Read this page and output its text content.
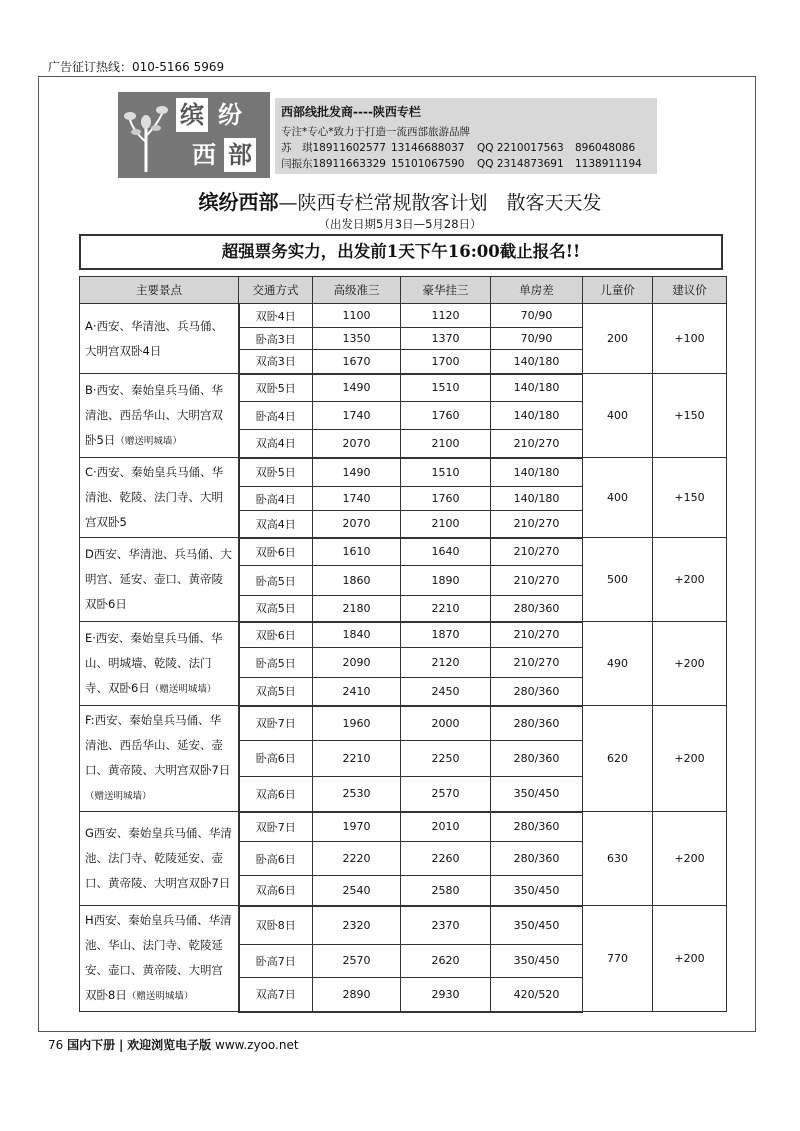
广告征订热线：010-5166 5969
缤 纷
西 部
西部线批发商----陕西专栏
专注*专心*致力于打造一流西部旅游品牌
苏　琪18911602577 13146688037 QQ 2210017563 896048086
闫振东18911663329 15101067590 QQ 2314873691 1138911194
缤纷西部—陕西专栏常规散客计划　散客天天发
（出发日期5月3日—5月28日）
超强票务实力，出发前1天下午16:00截止报名!!
主要景点	交通方式	高级准三	豪华挂三	单房差	儿童价	建议价
A·西安、华清池、兵马俑、大明宫双卧4日	双卧4日	1100	1120	70/90	200	+100
	卧高3日	1350	1370	70/90		
	双高3日	1670	1700	140/180		
B·西安、秦始皇兵马俑、华清池、西岳华山、大明宫双卧5日（赠送明城墙）	双卧5日	1490	1510	140/180	400	+150
	卧高4日	1740	1760	140/180		
	双高4日	2070	2100	210/270		
C·西安、秦始皇兵马俑、华清池、乾陵、法门寺、大明宫双卧5	双卧5日	1490	1510	140/180	400	+150
	卧高4日	1740	1760	140/180		
	双高4日	2070	2100	210/270		
D西安、华清池、兵马俑、大明宫、延安、壶口、黄帝陵双卧6日	双卧6日	1610	1640	210/270	500	+200
	卧高5日	1860	1890	210/270		
	双高5日	2180	2210	280/360		
E·西安、秦始皇兵马俑、华山、明城墙、乾陵、法门寺、双卧6日（赠送明城墙）	双卧6日	1840	1870	210/270	490	+200
	卧高5日	2090	2120	210/270		
	双高5日	2410	2450	280/360		
F:西安、秦始皇兵马俑、华清池、西岳华山、延安、壶口、黄帝陵、大明宫双卧7日（赠送明城墙）	双卧7日	1960	2000	280/360	620	+200
	卧高6日	2210	2250	280/360		
	双高6日	2530	2570	350/450		
G西安、秦始皇兵马俑、华清池、法门寺、乾陵延安、壶口、黄帝陵、大明宫双卧7日	双卧7日	1970	2010	280/360	630	+200
	卧高6日	2220	2260	280/360		
	双高6日	2540	2580	350/450		
H西安、秦始皇兵马俑、华清池、华山、法门寺、乾陵延安、壶口、黄帝陵、大明宫双卧8日（赠送明城墙）	双卧8日	2320	2370	350/450	770	+200
	卧高7日	2570	2620	350/450		
	双高7日	2890	2930	420/520		
76 国内下册 | 欢迎浏览电子版 www.zyoo.net
